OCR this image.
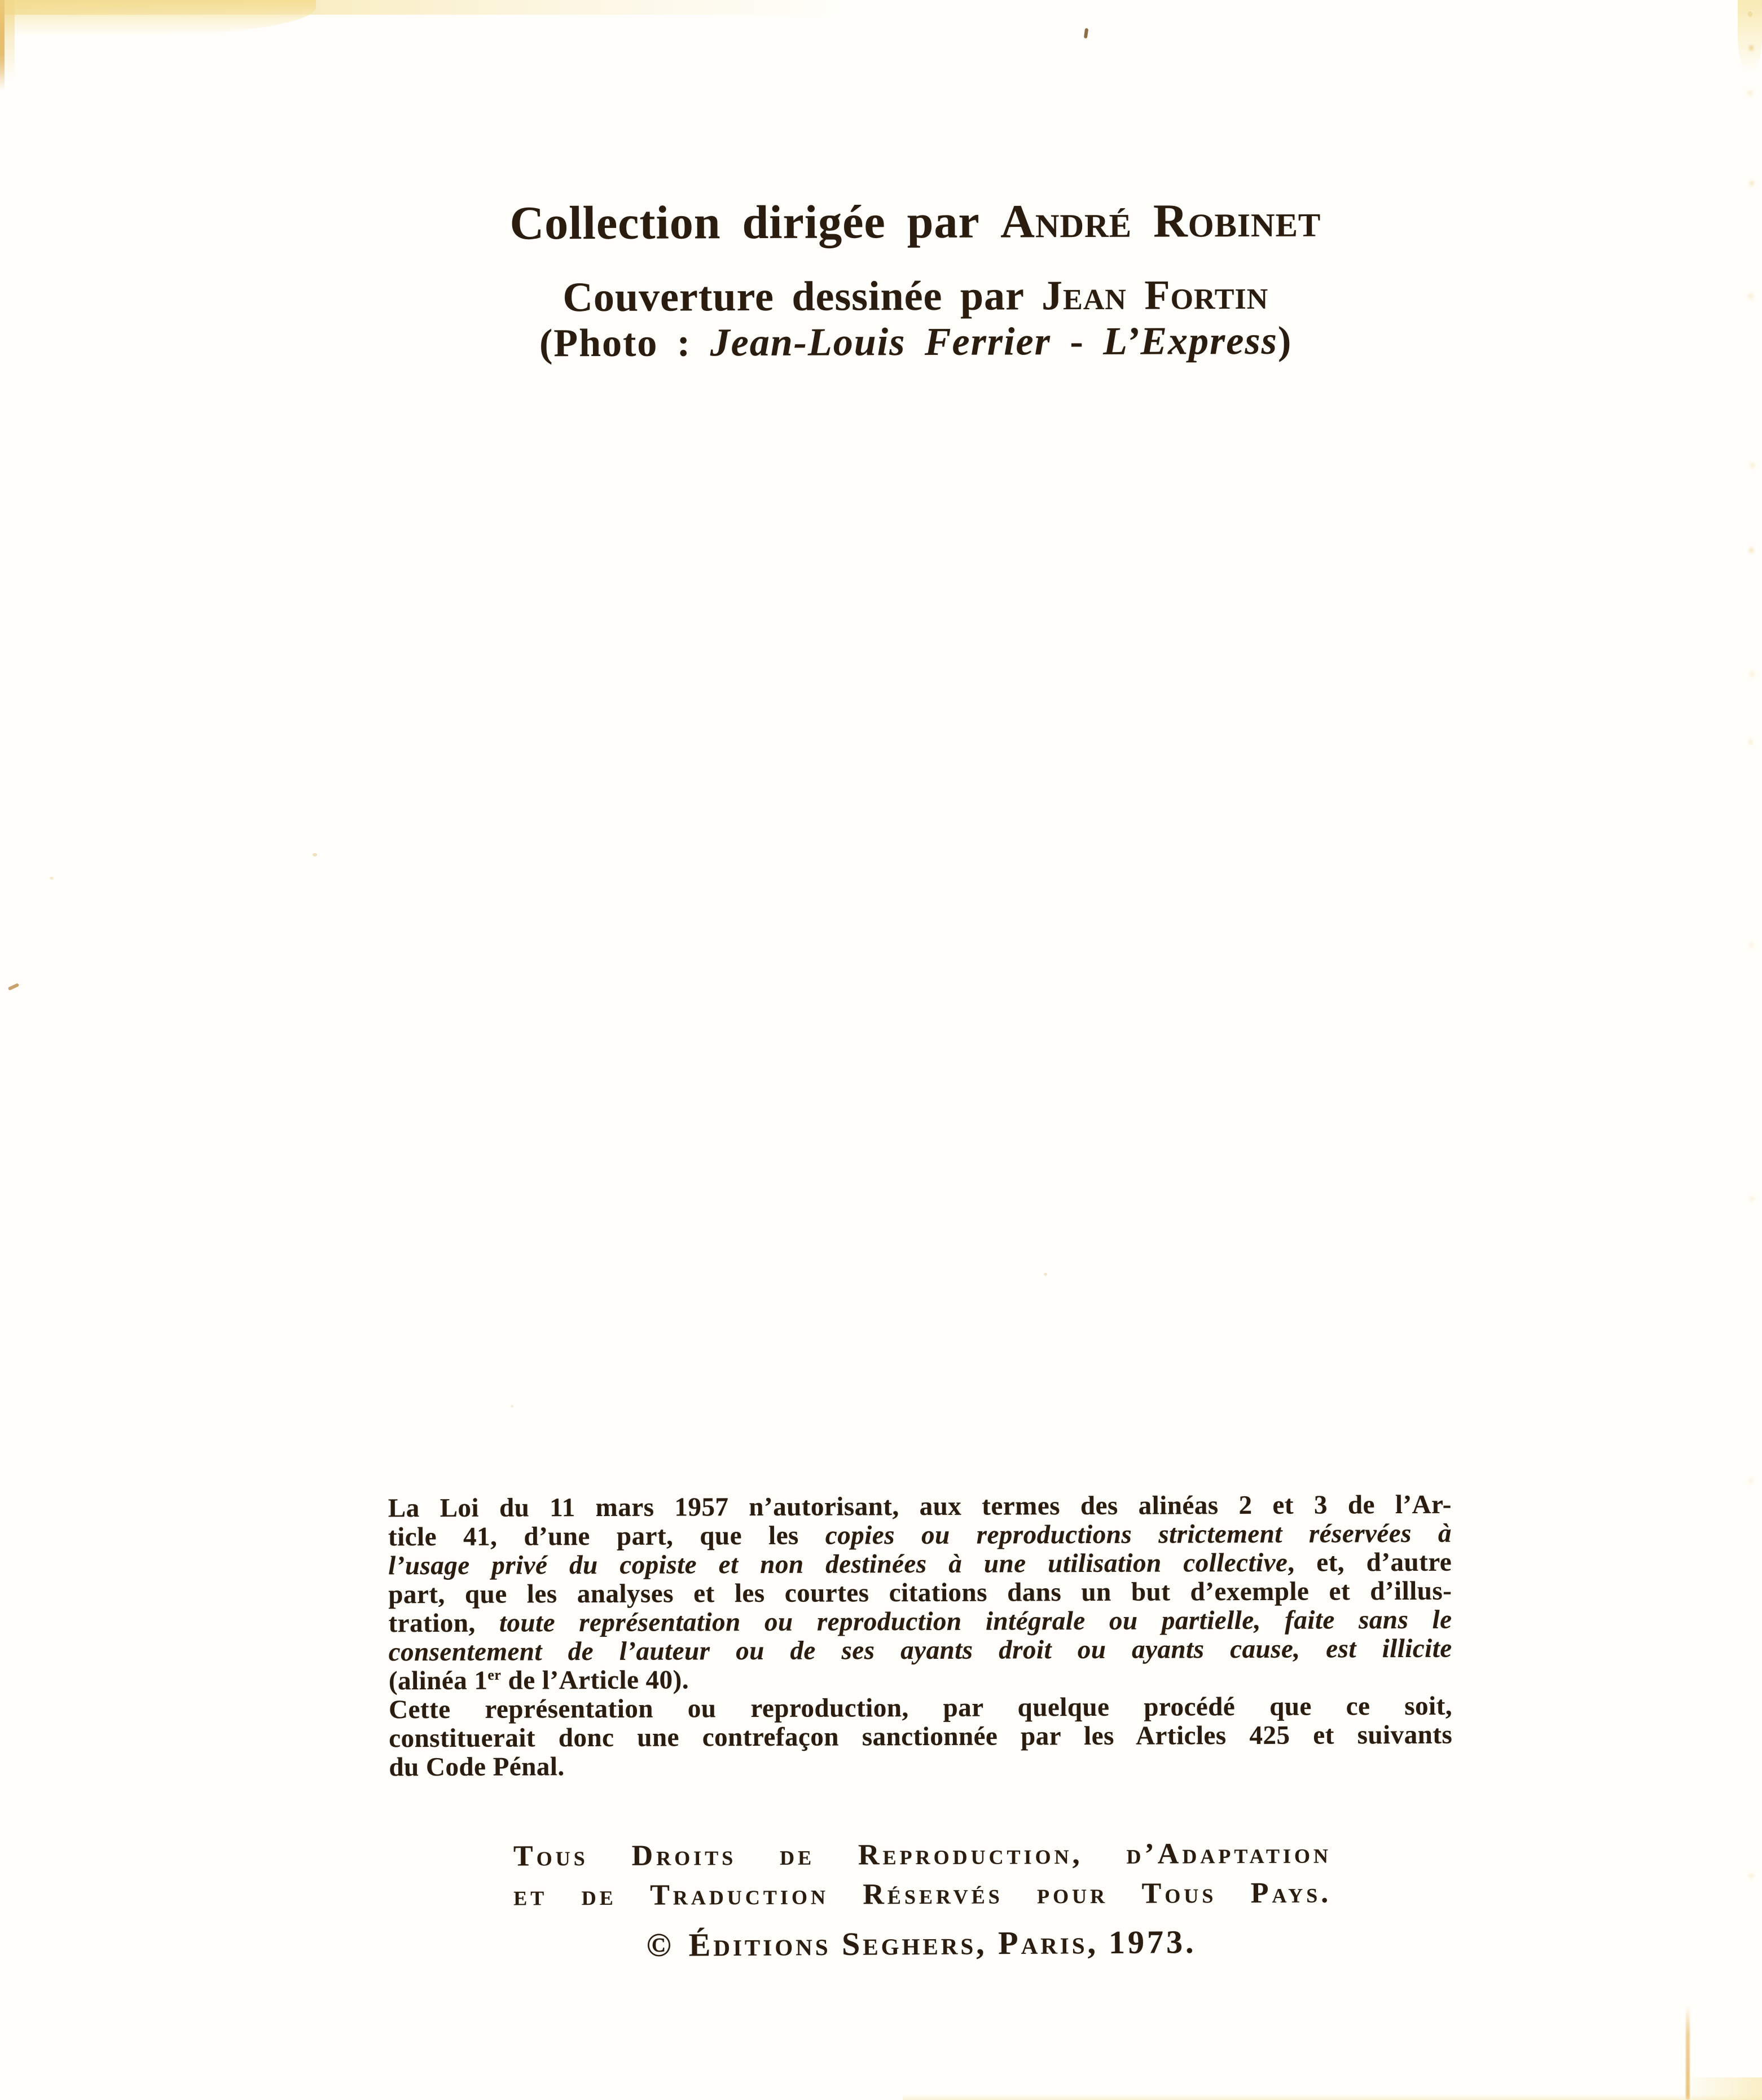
Collection dirigée par André Robinet
Couverture dessinée par Jean Fortin
(Photo : Jean-Louis Ferrier - L’Express)
La Loi du 11 mars 1957 n’autorisant, aux termes des alinéas 2 et 3 de l’Ar-
ticle 41, d’une part, que les copies ou reproductions strictement réservées à
l’usage privé du copiste et non destinées à une utilisation collective, et, d’autre
part, que les analyses et les courtes citations dans un but d’exemple et d’illus-
tration, toute représentation ou reproduction intégrale ou partielle, faite sans le
consentement de l’auteur ou de ses ayants droit ou ayants cause, est illicite
(alinéa 1er de l’Article 40).
Cette représentation ou reproduction, par quelque procédé que ce soit,
constituerait donc une contrefaçon sanctionnée par les Articles 425 et suivants
du Code Pénal.
Tous Droits de Reproduction, d’Adaptation
et de Traduction Réservés pour Tous Pays.
© Éditions Seghers, Paris, 1973.
